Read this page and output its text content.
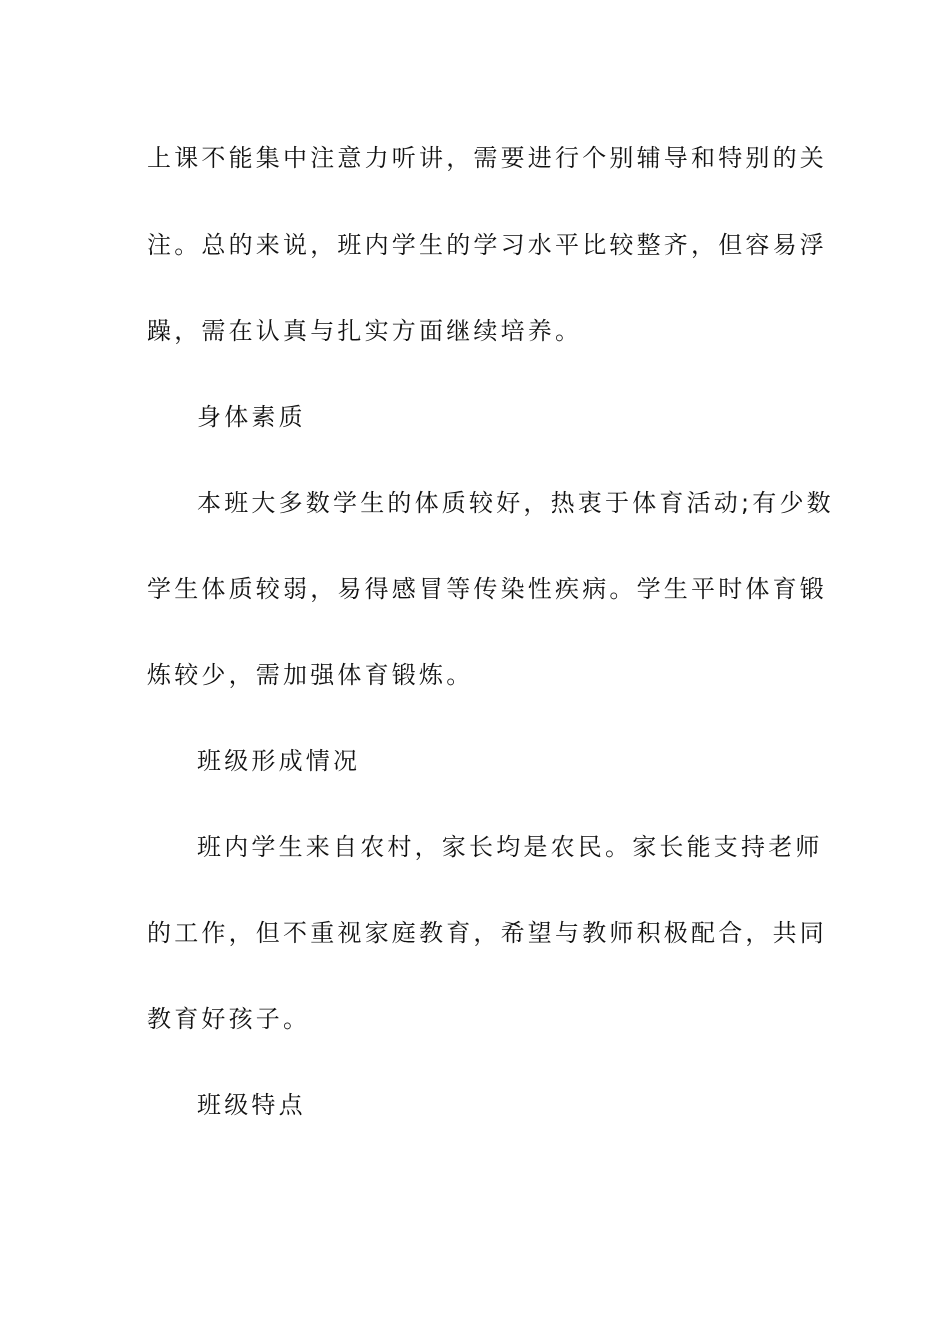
上课不能集中注意力听讲，需要进行个别辅导和特别的关
注。总的来说，班内学生的学习水平比较整齐，但容易浮
躁，需在认真与扎实方面继续培养。
身体素质
本班大多数学生的体质较好，热衷于体育活动;有少数
学生体质较弱，易得感冒等传染性疾病。学生平时体育锻
炼较少，需加强体育锻炼。
班级形成情况
班内学生来自农村，家长均是农民。家长能支持老师
的工作，但不重视家庭教育，希望与教师积极配合，共同
教育好孩子。
班级特点
